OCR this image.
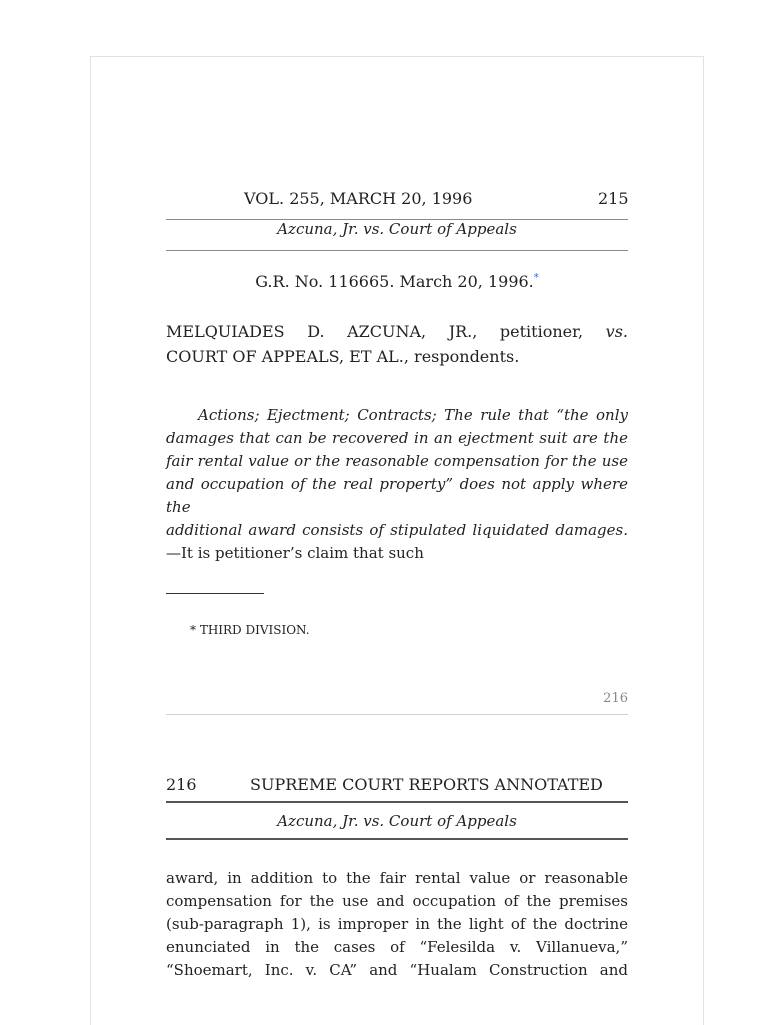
VOL. 255, MARCH 20, 1996	215
Azcuna, Jr. vs. Court of Appeals
G.R. No. 116665. March 20, 1996.*
MELQUIADES D. AZCUNA, JR., petitioner, vs.
COURT OF APPEALS, ET AL., respondents.
Actions; Ejectment; Contracts; The rule that “the only
damages that can be recovered in an ejectment suit are the
fair rental value or the reasonable compensation for the use
and occupation of the real property” does not apply where the
additional award consists of stipulated liquidated damages.
—It is petitioner’s claim that such
* THIRD DIVISION.
216
216	SUPREME COURT REPORTS ANNOTATED
Azcuna, Jr. vs. Court of Appeals
award, in addition to the fair rental value or reasonable
compensation for the use and occupation of the premises
(sub-paragraph 1), is improper in the light of the doctrine
enunciated in the cases of “Felesilda v. Villanueva,”
“Shoemart, Inc. v. CA” and “Hualam Construction and
